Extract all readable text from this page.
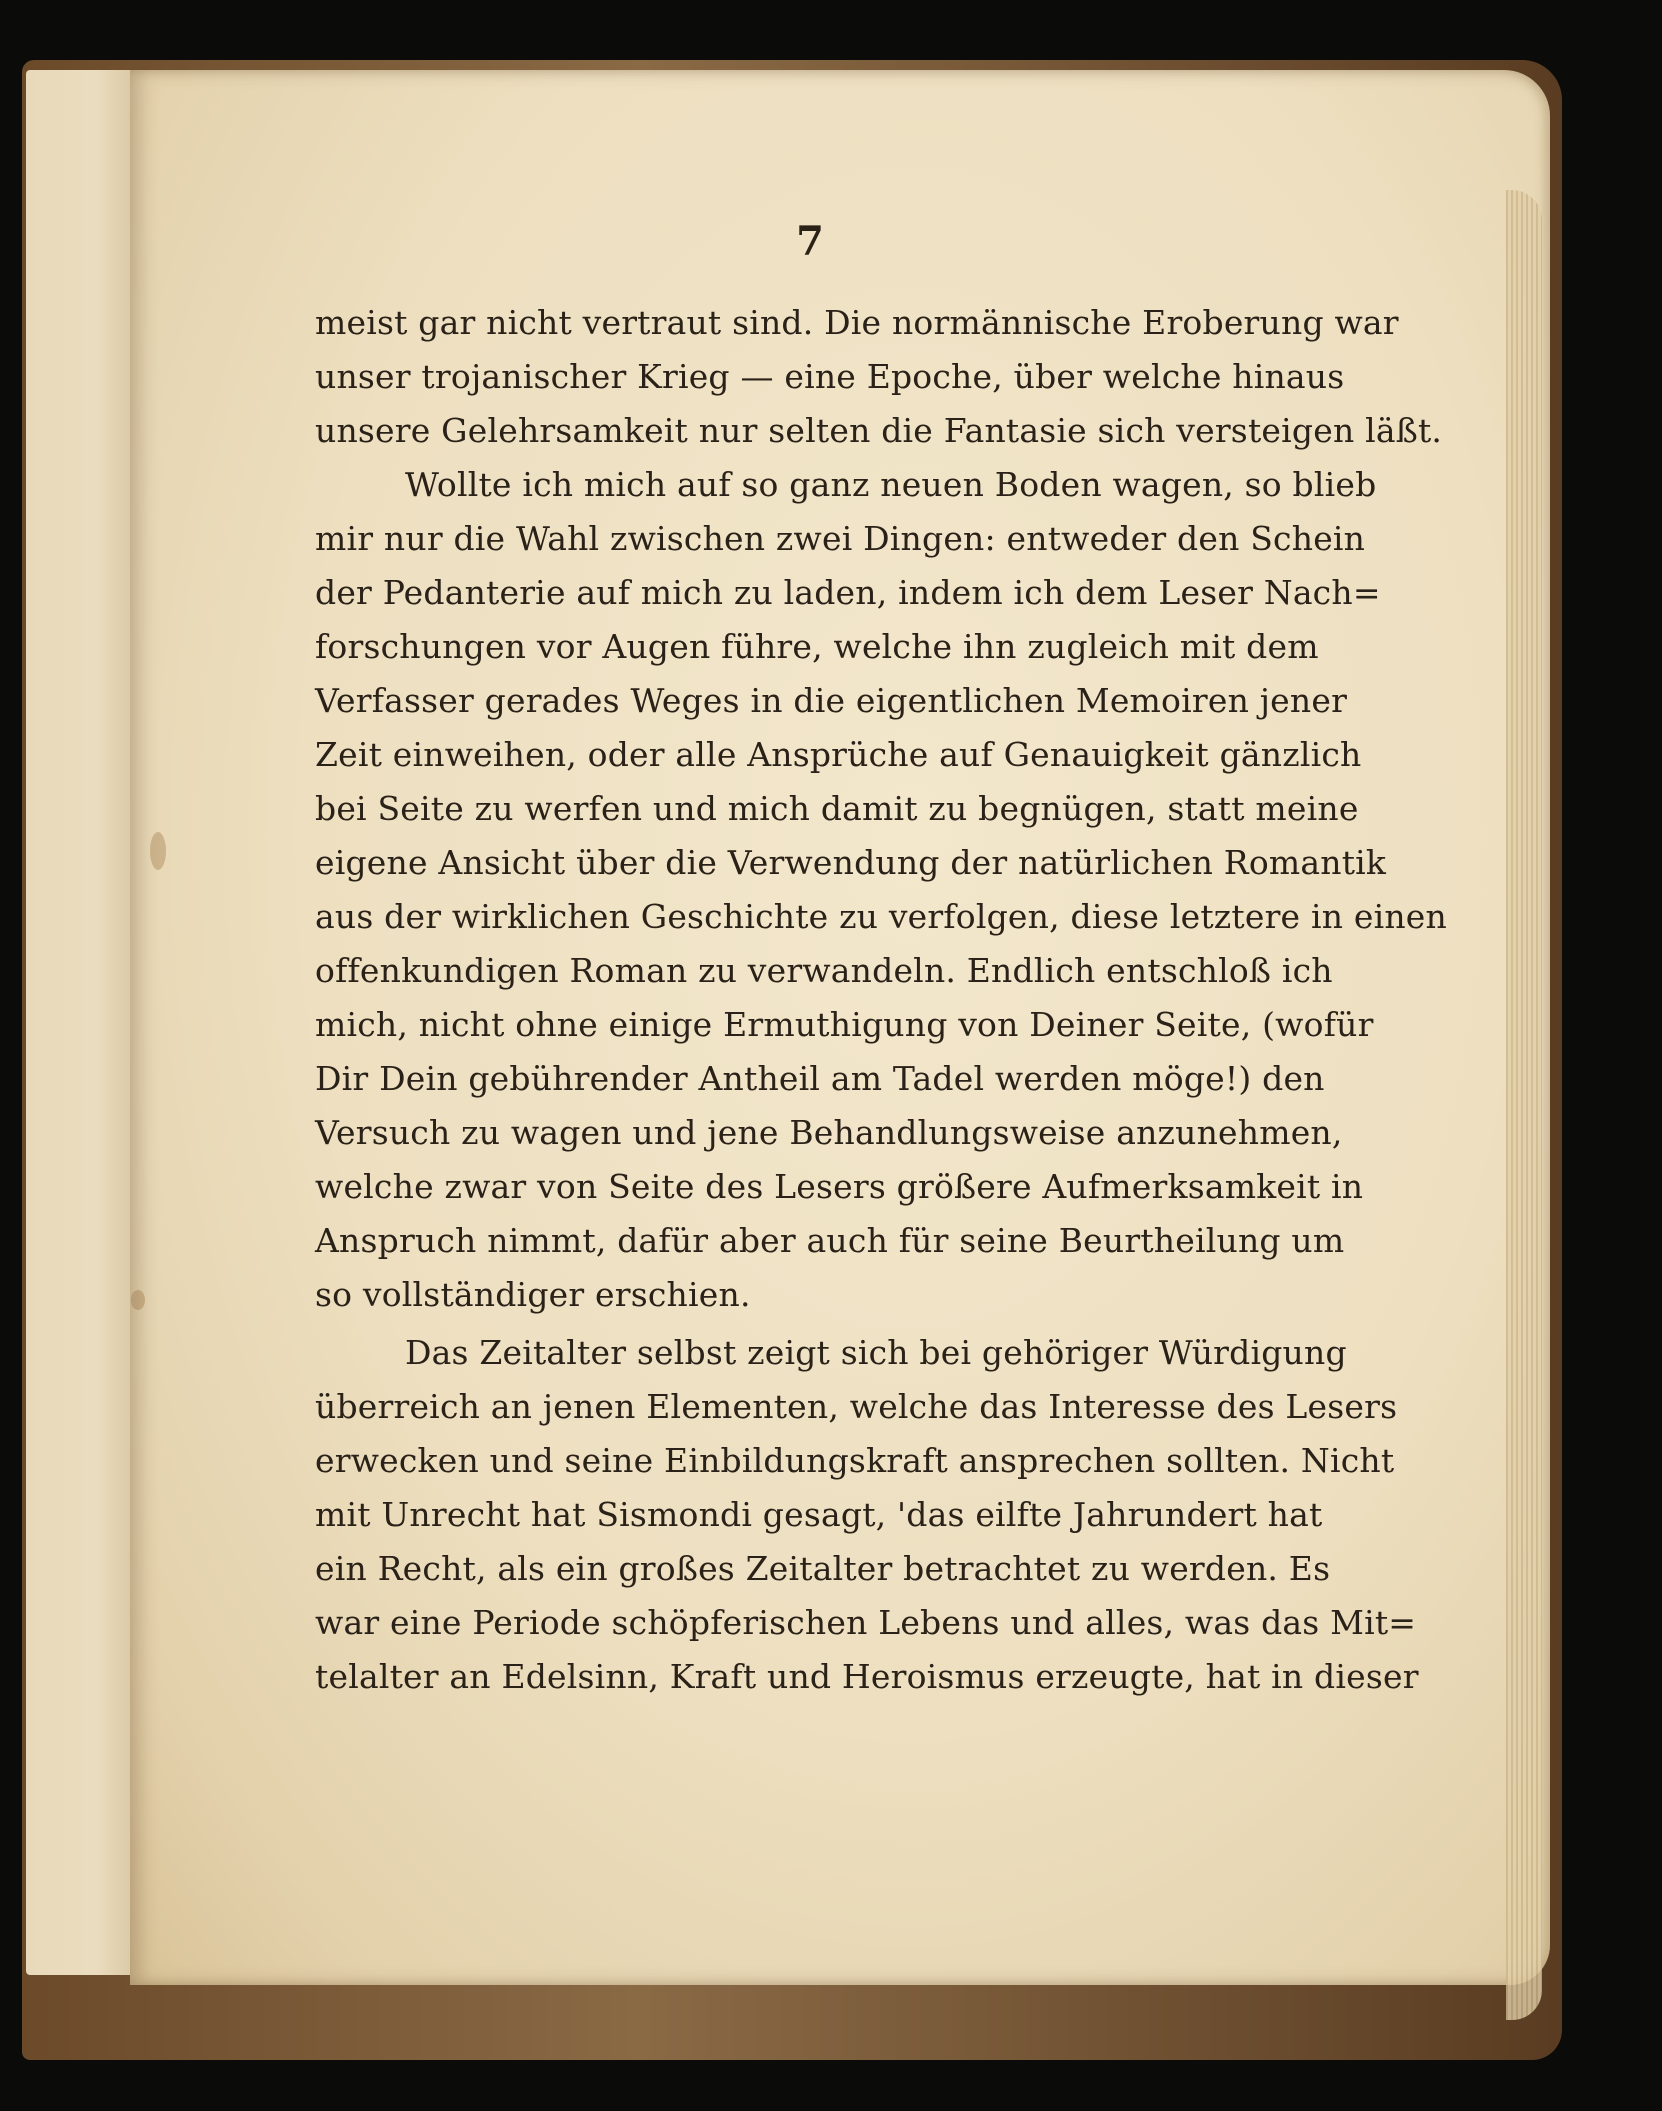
7
meist gar nicht vertraut sind. Die normännische Eroberung war
unser trojanischer Krieg — eine Epoche, über welche hinaus
unsere Gelehrsamkeit nur selten die Fantasie sich versteigen läßt.
Wollte ich mich auf so ganz neuen Boden wagen, so blieb
mir nur die Wahl zwischen zwei Dingen: entweder den Schein
der Pedanterie auf mich zu laden, indem ich dem Leser Nach=
forschungen vor Augen führe, welche ihn zugleich mit dem
Verfasser gerades Weges in die eigentlichen Memoiren jener
Zeit einweihen, oder alle Ansprüche auf Genauigkeit gänzlich
bei Seite zu werfen und mich damit zu begnügen, statt meine
eigene Ansicht über die Verwendung der natürlichen Romantik
aus der wirklichen Geschichte zu verfolgen, diese letztere in einen
offenkundigen Roman zu verwandeln. Endlich entschloß ich
mich, nicht ohne einige Ermuthigung von Deiner Seite, (wofür
Dir Dein gebührender Antheil am Tadel werden möge!) den
Versuch zu wagen und jene Behandlungsweise anzunehmen,
welche zwar von Seite des Lesers größere Aufmerksamkeit in
Anspruch nimmt, dafür aber auch für seine Beurtheilung um
so vollständiger erschien.
Das Zeitalter selbst zeigt sich bei gehöriger Würdigung
überreich an jenen Elementen, welche das Interesse des Lesers
erwecken und seine Einbildungskraft ansprechen sollten. Nicht
mit Unrecht hat Sismondi gesagt, 'das eilfte Jahrundert hat
ein Recht, als ein großes Zeitalter betrachtet zu werden. Es
war eine Periode schöpferischen Lebens und alles, was das Mit=
telalter an Edelsinn, Kraft und Heroismus erzeugte, hat in dieser
